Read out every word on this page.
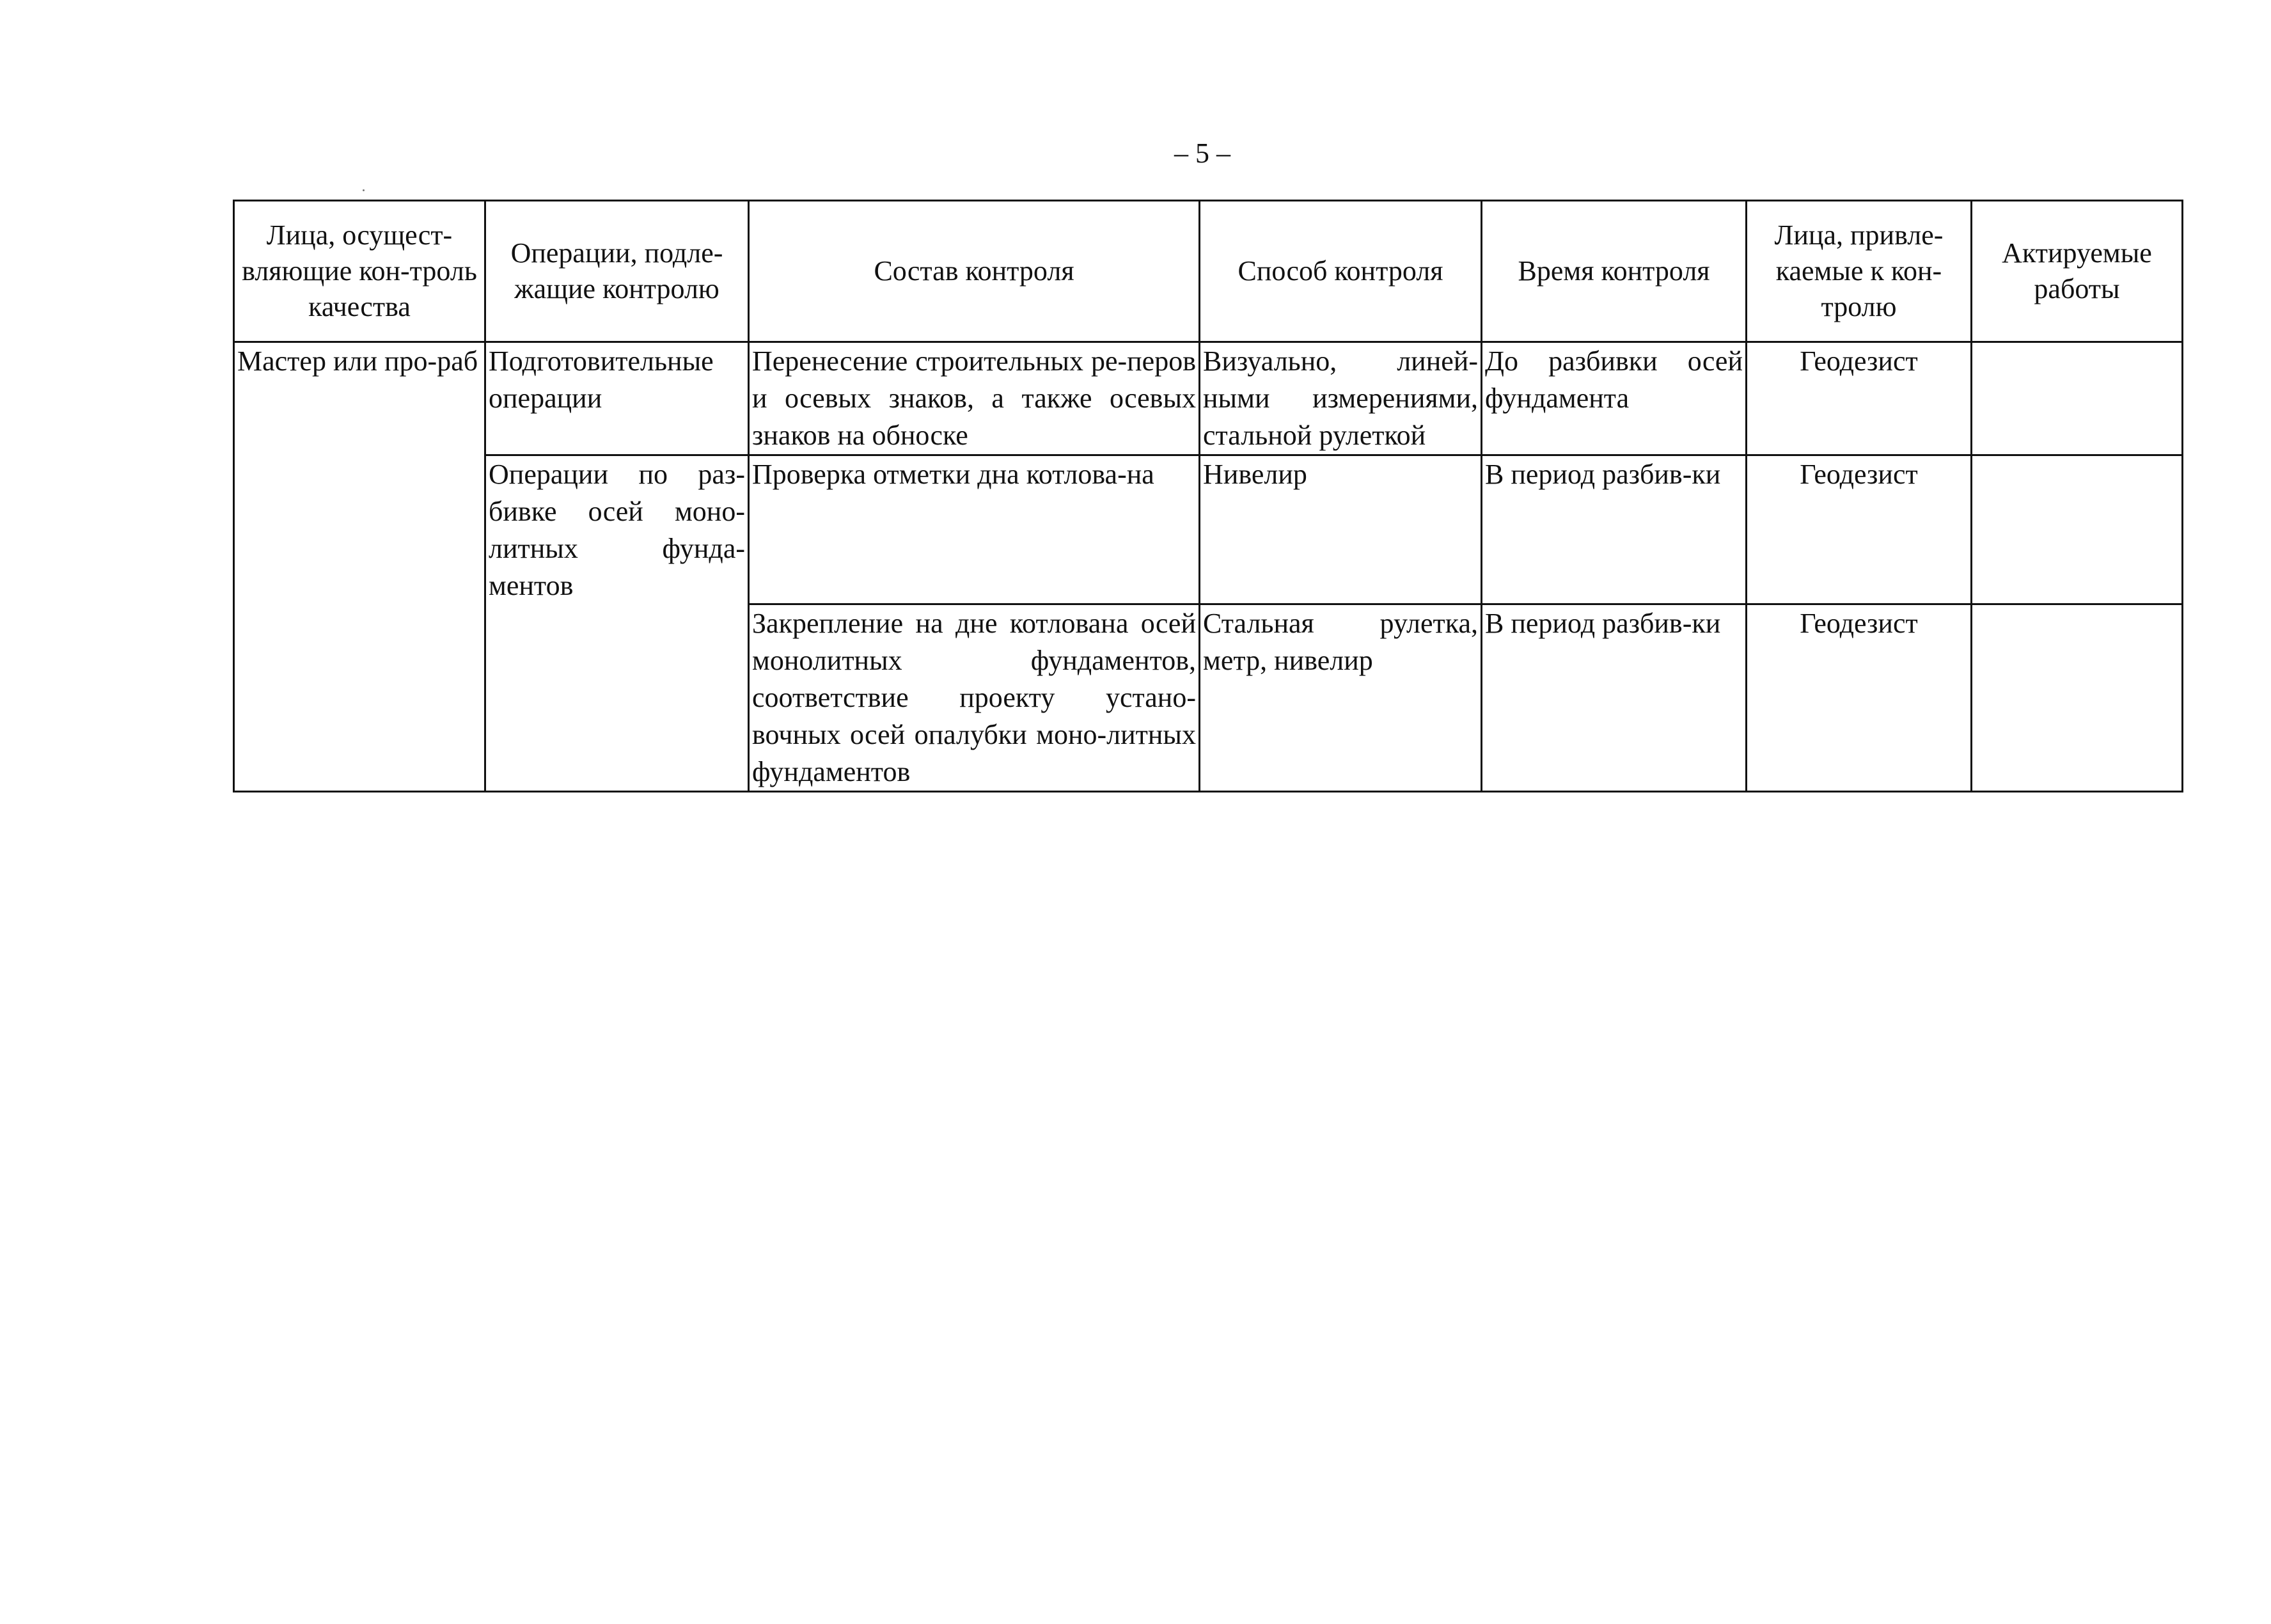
– 5 –
Лица, осущест-вляющие кон-троль качества	Операции, подле-жащие контролю	Состав контроля	Способ контроля	Время контроля	Лица, привле-каемые к кон-тролю	Актируемые работы
Мастер или про-раб	Подготовительные операции	Перенесение строительных ре-перов и осевых знаков, а также осевых знаков на обноске	Визуально, линей-ными измерениями, стальной рулеткой	До разбивки осей фундамента	Геодезист	
	Операции по раз-бивке осей моно-литных фунда-ментов	Проверка отметки дна котлова-на	Нивелир	В период разбив-ки	Геодезист	
		Закрепление на дне котлована осей монолитных фундаментов, соответствие проекту устано-вочных осей опалубки моно-литных фундаментов	Стальная рулетка, метр, нивелир	В период разбив-ки	Геодезист	
